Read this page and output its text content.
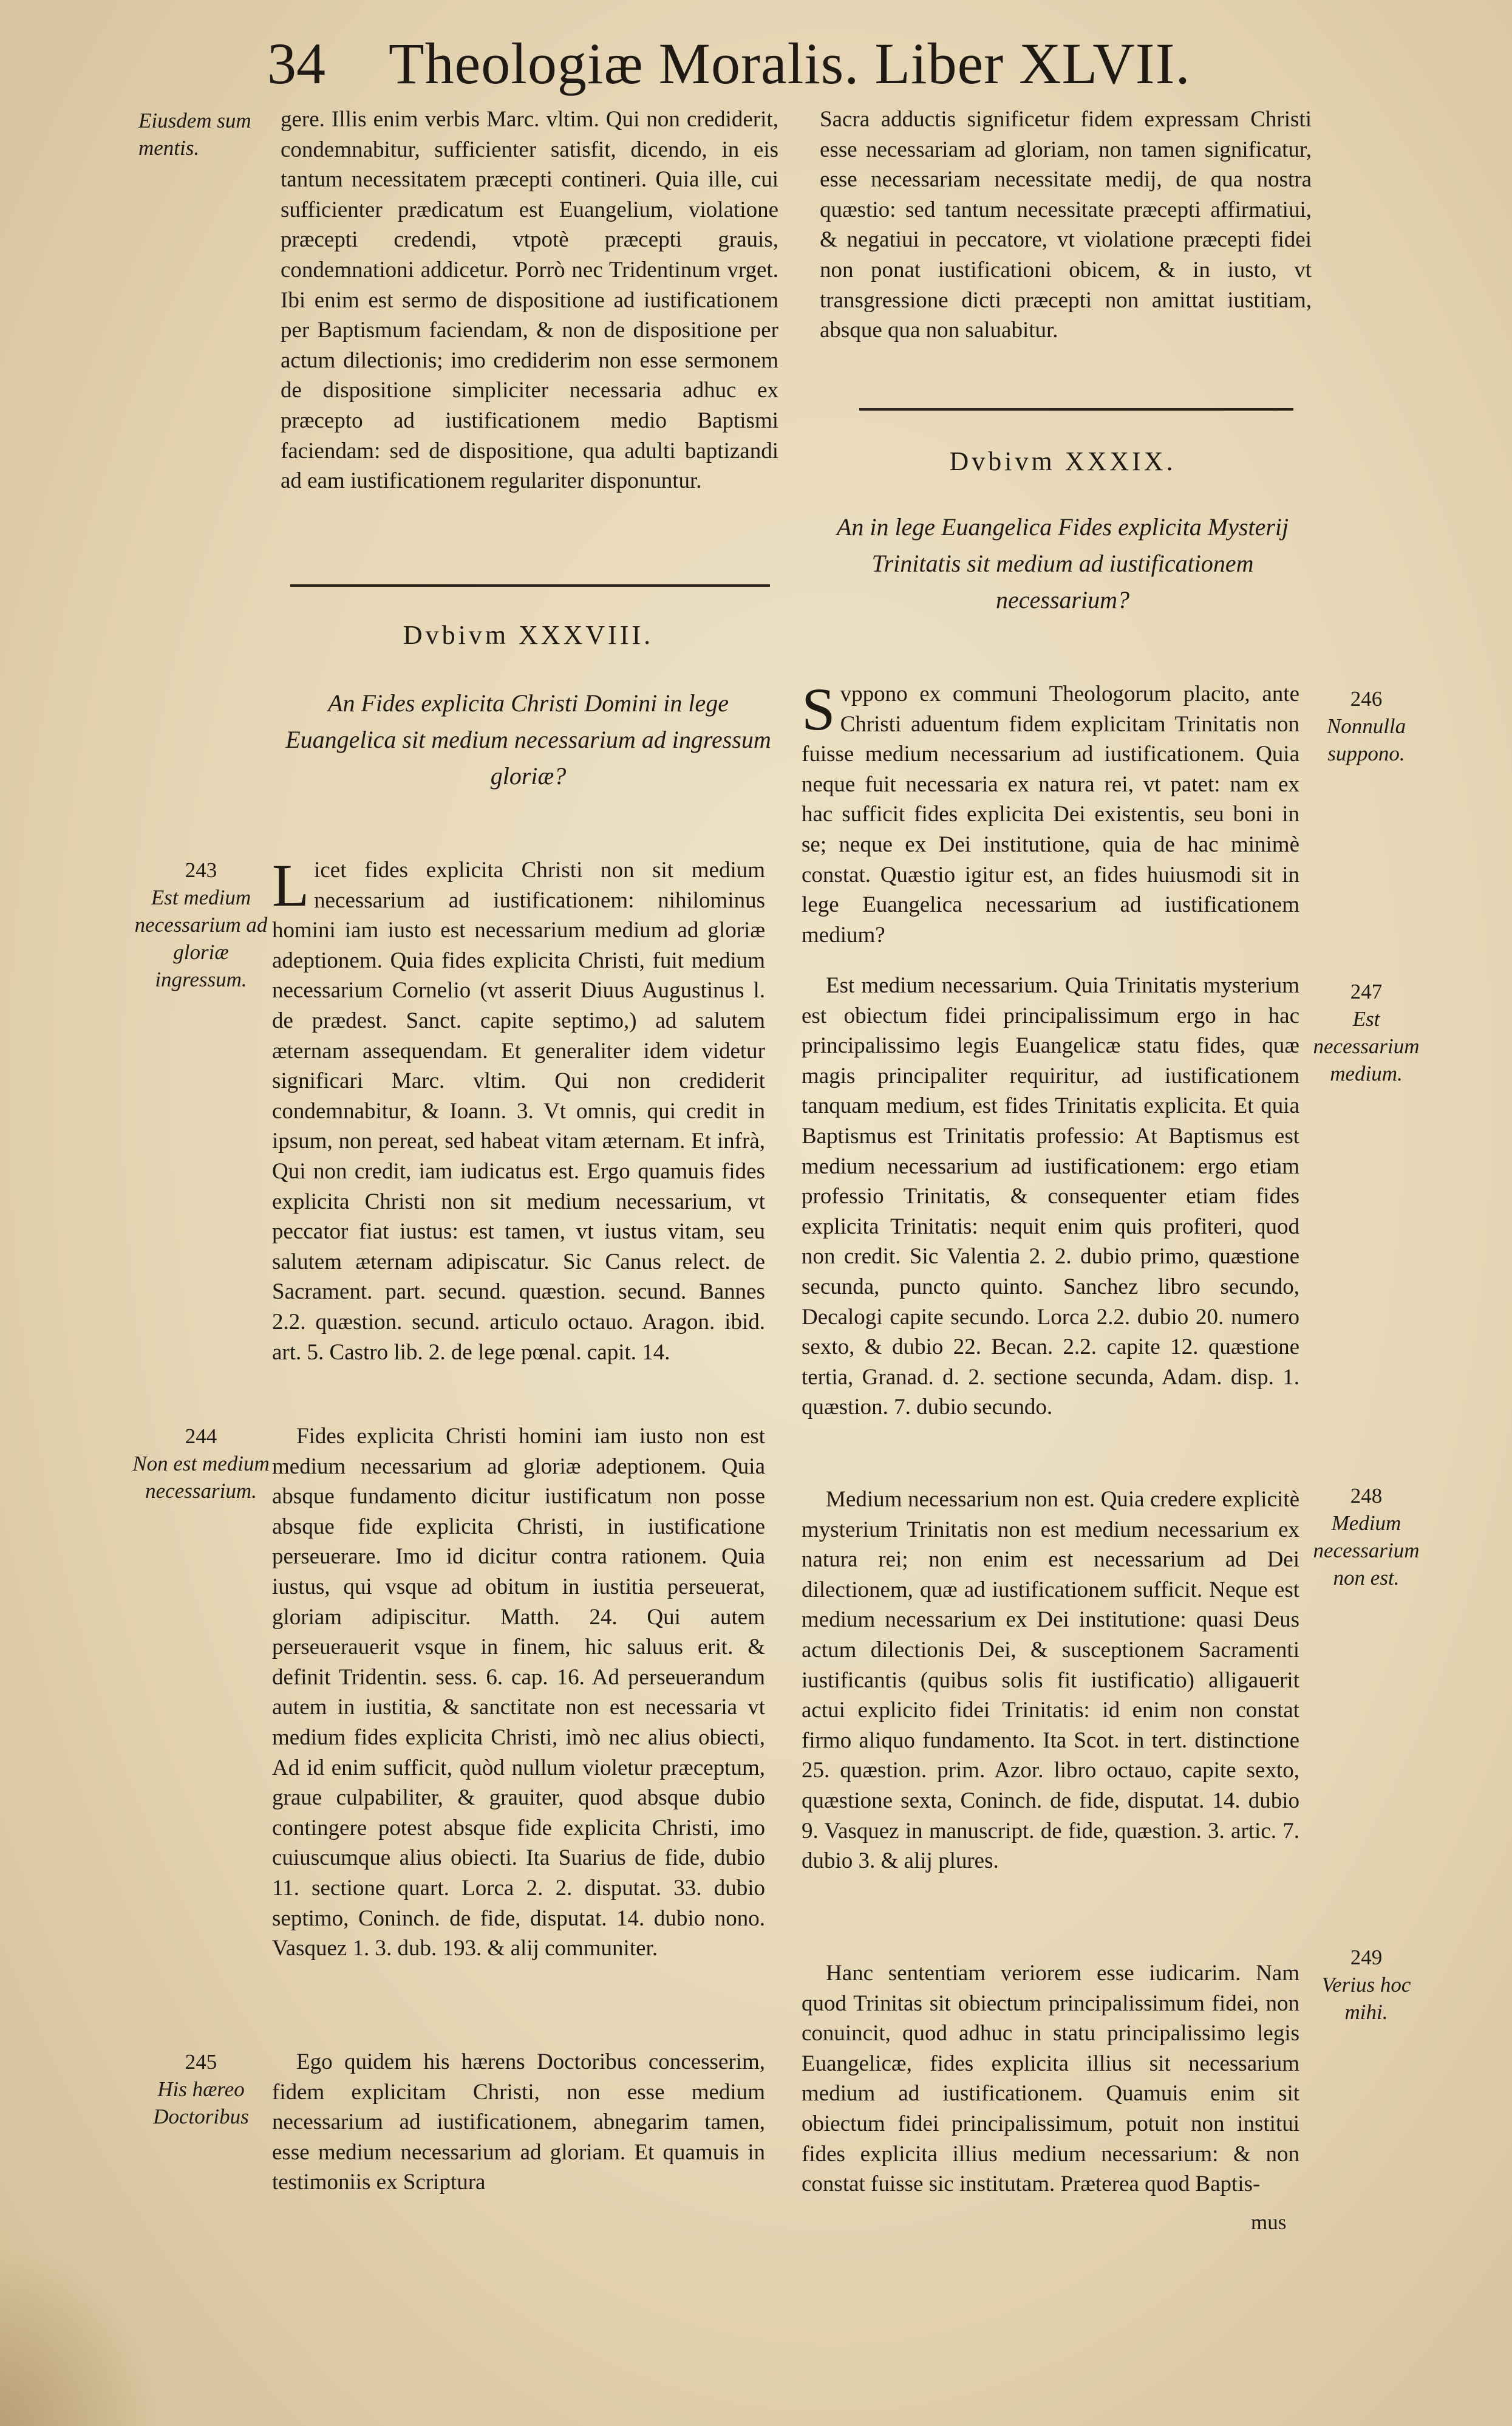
34 Theologiæ Moralis. Liber XLVII.
Eiusdem sum mentis.

gere. Illis enim verbis Marc. vltim. Qui non crediderit, condemnabitur, sufficienter satisfit, dicendo, in eis tantum necessitatem præcepti contineri. Quia ille, cui sufficienter prædicatum est Euangelium, violatione præcepti credendi, vtpotè præcepti grauis, condemnationi addicetur. Porrò nec Tridentinum vrget. Ibi enim est sermo de dispositione ad iustificationem per Baptismum faciendam, & non de dispositione per actum dilectionis; imo crediderim non esse sermonem de dispositione simpliciter necessaria adhuc ex præcepto ad iustificationem medio Baptismi faciendam: sed de dispositione, qua adulti baptizandi ad eam iustificationem regulariter disponuntur.

Dvbivm XXXVIII.
An Fides explicita Christi Domini in lege Euangelica sit medium necessarium ad ingressum gloriæ?
243
Est medium necessarium ad gloriæ ingressum.
244
Non est medium necessarium.
245
His hæreo Doctoribus

Licet fides explicita Christi non sit medium necessarium ad iustificationem: nihilominus homini iam iusto est necessarium medium ad gloriæ adeptionem. Quia fides explicita Christi, fuit medium necessarium Cornelio (vt asserit Diuus Augustinus l. de prædest. Sanct. capite septimo,) ad salutem æternam assequendam. Et generaliter idem videtur significari Marc. vltim. Qui non crediderit condemnabitur, & Ioann. 3. Vt omnis, qui credit in ipsum, non pereat, sed habeat vitam æternam. Et infrà, Qui non credit, iam iudicatus est. Ergo quamuis fides explicita Christi non sit medium necessarium, vt peccator fiat iustus: est tamen, vt iustus vitam, seu salutem æternam adipiscatur. Sic Canus relect. de Sacrament. part. secund. quæstion. secund. Bannes 2.2. quæstion. secund. articulo octauo. Aragon. ibid. art. 5. Castro lib. 2. de lege pœnal. capit. 14.

Fides explicita Christi homini iam iusto non est medium necessarium ad gloriæ adeptionem. Quia absque fundamento dicitur iustificatum non posse absque fide explicita Christi, in iustificatione perseuerare. Imo id dicitur contra rationem. Quia iustus, qui vsque ad obitum in iustitia perseuerat, gloriam adipiscitur. Matth. 24. Qui autem perseuerauerit vsque in finem, hic saluus erit. & definit Tridentin. sess. 6. cap. 16. Ad perseuerandum autem in iustitia, & sanctitate non est necessaria vt medium fides explicita Christi, imò nec alius obiecti, Ad id enim sufficit, quòd nullum violetur præceptum, graue culpabiliter, & grauiter, quod absque dubio contingere potest absque fide explicita Christi, imo cuiuscumque alius obiecti. Ita Suarius de fide, dubio 11. sectione quart. Lorca 2. 2. disputat. 33. dubio septimo, Coninch. de fide, disputat. 14. dubio nono. Vasquez 1. 3. dub. 193. & alij communiter.

Ego quidem his hærens Doctoribus concesserim, fidem explicitam Christi, non esse medium necessarium ad iustificationem, abnegarim tamen, esse medium necessarium ad gloriam. Et quamuis in testimoniis ex Scriptura

Sacra adductis significetur fidem expressam Christi esse necessariam ad gloriam, non tamen significatur, esse necessariam necessitate medij, de qua nostra quæstio: sed tantum necessitate præcepti affirmatiui, & negatiui in peccatore, vt violatione præcepti fidei non ponat iustificationi obicem, & in iusto, vt transgressione dicti præcepti non amittat iustitiam, absque qua non saluabitur.

Dvbivm XXXIX.
An in lege Euangelica Fides explicita Mysterij Trinitatis sit medium ad iustificationem necessarium?
246
Nonnulla suppono.
247
Est necessarium medium.
248
Medium necessarium non est.
249
Verius hoc mihi.

Svppono ex communi Theologorum placito, ante Christi aduentum fidem explicitam Trinitatis non fuisse medium necessarium ad iustificationem. Quia neque fuit necessaria ex natura rei, vt patet: nam ex hac sufficit fides explicita Dei existentis, seu boni in se; neque ex Dei institutione, quia de hac minimè constat. Quæstio igitur est, an fides huiusmodi sit in lege Euangelica necessarium ad iustificationem medium?

Est medium necessarium. Quia Trinitatis mysterium est obiectum fidei principalissimum ergo in hac principalissimo legis Euangelicæ statu fides, quæ magis principaliter requiritur, ad iustificationem tanquam medium, est fides Trinitatis explicita. Et quia Baptismus est Trinitatis professio: At Baptismus est medium necessarium ad iustificationem: ergo etiam professio Trinitatis, & consequenter etiam fides explicita Trinitatis: nequit enim quis profiteri, quod non credit. Sic Valentia 2. 2. dubio primo, quæstione secunda, puncto quinto. Sanchez libro secundo, Decalogi capite secundo. Lorca 2.2. dubio 20. numero sexto, & dubio 22. Becan. 2.2. capite 12. quæstione tertia, Granad. d. 2. sectione secunda, Adam. disp. 1. quæstion. 7. dubio secundo.

Medium necessarium non est. Quia credere explicitè mysterium Trinitatis non est medium necessarium ex natura rei; non enim est necessarium ad Dei dilectionem, quæ ad iustificationem sufficit. Neque est medium necessarium ex Dei institutione: quasi Deus actum dilectionis Dei, & susceptionem Sacramenti iustificantis (quibus solis fit iustificatio) alligauerit actui explicito fidei Trinitatis: id enim non constat firmo aliquo fundamento. Ita Scot. in tert. distinctione 25. quæstion. prim. Azor. libro octauo, capite sexto, quæstione sexta, Coninch. de fide, disputat. 14. dubio 9. Vasquez in manuscript. de fide, quæstion. 3. artic. 7. dubio 3. & alij plures.

Hanc sententiam veriorem esse iudicarim. Nam quod Trinitas sit obiectum principalissimum fidei, non conuincit, quod adhuc in statu principalissimo legis Euangelicæ, fides explicita illius sit necessarium medium ad iustificationem. Quamuis enim sit obiectum fidei principalissimum, potuit non institui fides explicita illius medium necessarium: & non constat fuisse sic institutam. Præterea quod Baptis-

mus
